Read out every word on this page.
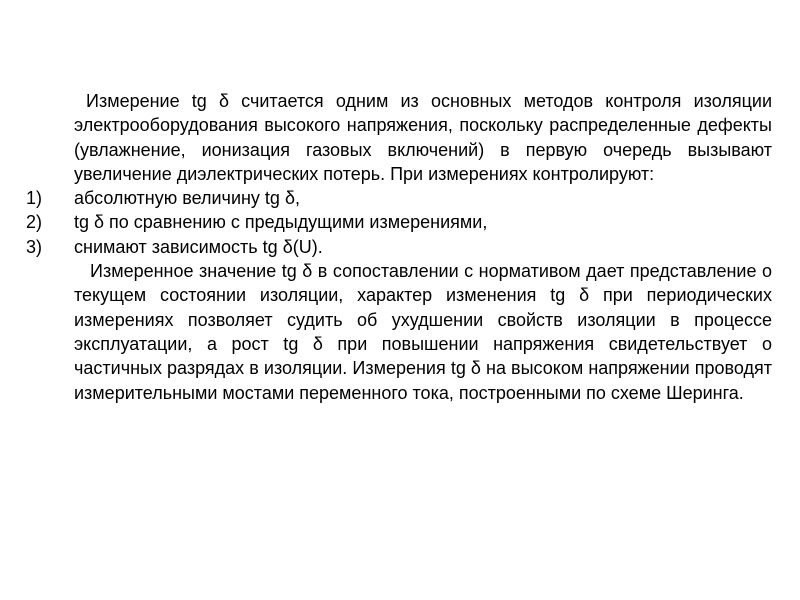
Измерение tg δ считается одним из основных методов контроля изоляции электрооборудования высокого напряжения, поскольку распределенные дефекты (увлажнение, ионизация газовых включений) в первую очередь вызывают увеличение диэлектрических потерь. При измерениях контролируют:

1)	абсолютную величину tg δ,
2)	tg δ по сравнению с предыдущими измерениями,
3)	снимают зависимость tg δ(U).

Измеренное значение tg δ в сопоставлении с нормативом дает представление о текущем состоянии изоляции, характер изменения tg δ при периодических измерениях позволяет судить об ухудшении свойств изоляции в процессе эксплуатации, а рост tg δ при повышении напряжения свидетельствует о частичных разрядах в изоляции. Измерения tg δ на высоком напряжении проводят измерительными мостами переменного тока, построенными по схеме Шеринга.
